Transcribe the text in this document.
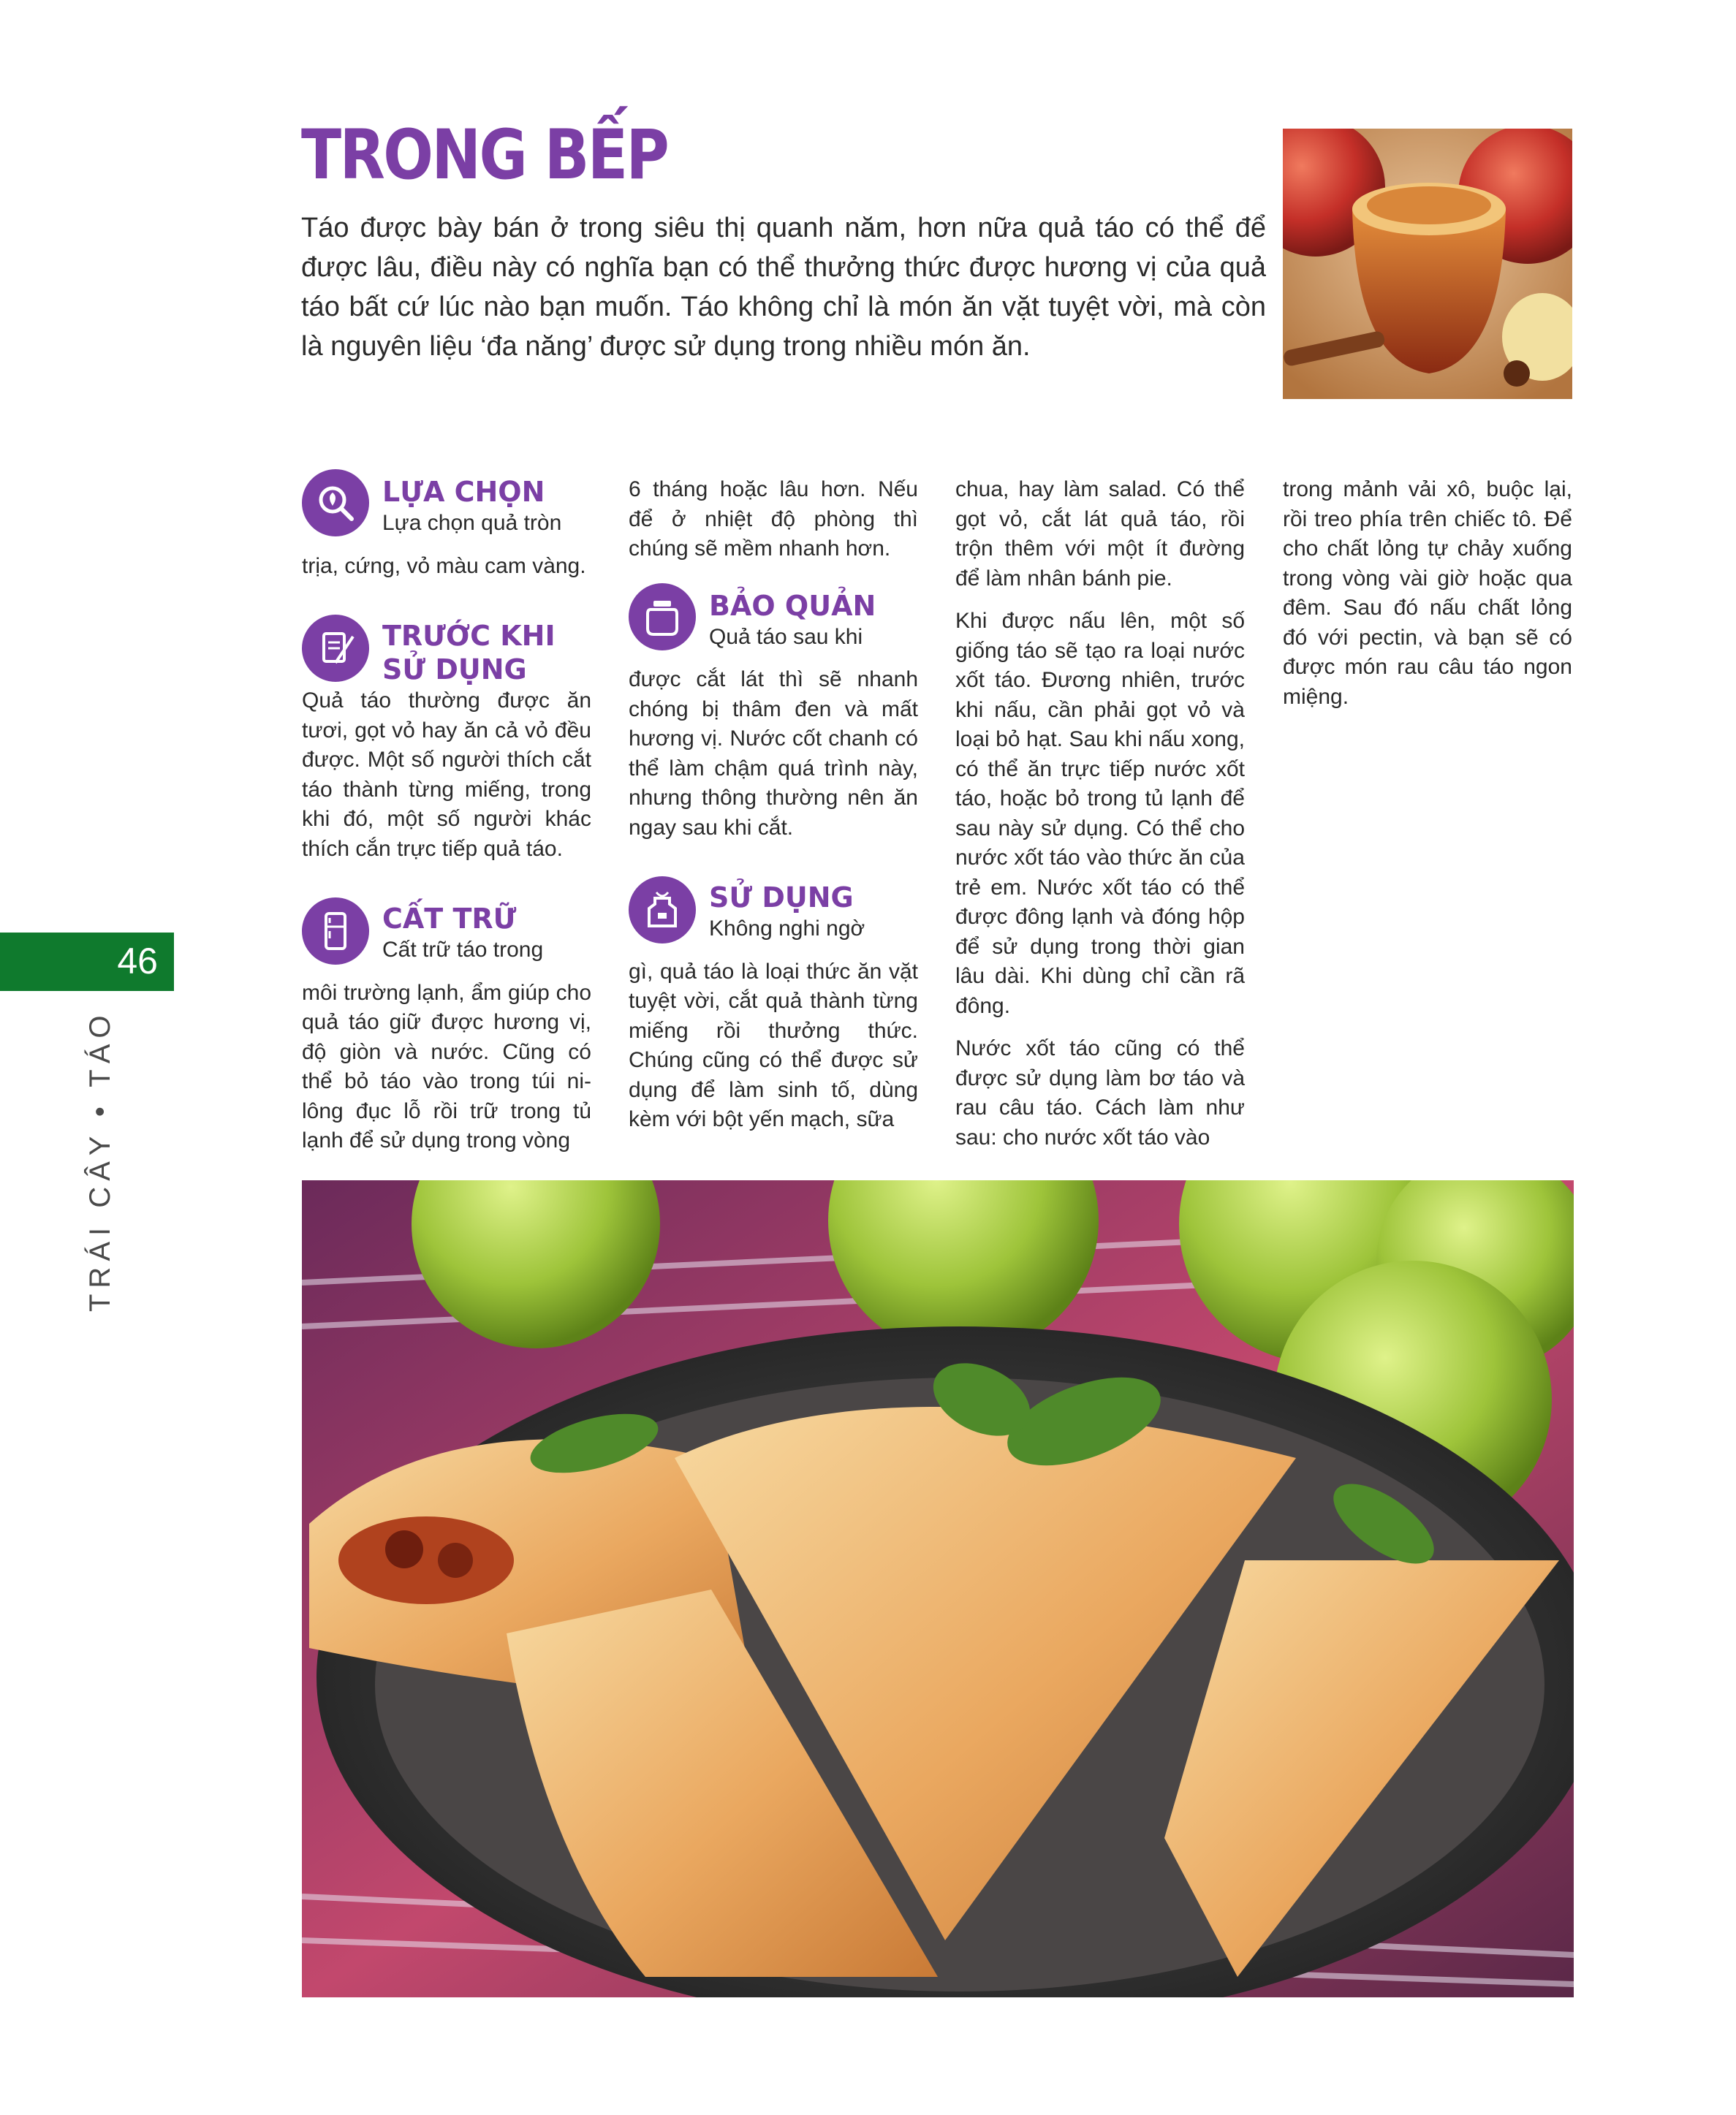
TRONG BẾP

Táo được bày bán ở trong siêu thị quanh năm, hơn nữa quả táo có thể để được lâu, điều này có nghĩa bạn có thể thưởng thức được hương vị của quả táo bất cứ lúc nào bạn muốn. Táo không chỉ là món ăn vặt tuyệt vời, mà còn là nguyên liệu ‘đa năng’ được sử dụng trong nhiều món ăn.

LỰA CHỌN

Lựa chọn quả tròn

trịa, cứng, vỏ màu cam vàng.

TRƯỚC KHI SỬ DỤNG

Quả táo thường được ăn tươi, gọt vỏ hay ăn cả vỏ đều được. Một số người thích cắt táo thành từng miếng, trong khi đó, một số người khác thích cắn trực tiếp quả táo.

CẤT TRỮ

Cất trữ táo trong

môi trường lạnh, ẩm giúp cho quả táo giữ được hương vị, độ giòn và nước. Cũng có thể bỏ táo vào trong túi ni-lông đục lỗ rồi trữ trong tủ lạnh để sử dụng trong vòng

6 tháng hoặc lâu hơn. Nếu để ở nhiệt độ phòng thì chúng sẽ mềm nhanh hơn.

BẢO QUẢN

Quả táo sau khi

được cắt lát thì sẽ nhanh chóng bị thâm đen và mất hương vị. Nước cốt chanh có thể làm chậm quá trình này, nhưng thông thường nên ăn ngay sau khi cắt.

SỬ DỤNG

Không nghi ngờ

gì, quả táo là loại thức ăn vặt tuyệt vời, cắt quả thành từng miếng rồi thưởng thức. Chúng cũng có thể được sử dụng để làm sinh tố, dùng kèm với bột yến mạch, sữa

chua, hay làm salad. Có thể gọt vỏ, cắt lát quả táo, rồi trộn thêm với một ít đường để làm nhân bánh pie.

Khi được nấu lên, một số giống táo sẽ tạo ra loại nước xốt táo. Đương nhiên, trước khi nấu, cần phải gọt vỏ và loại bỏ hạt. Sau khi nấu xong, có thể ăn trực tiếp nước xốt táo, hoặc bỏ trong tủ lạnh để sau này sử dụng. Có thể cho nước xốt táo vào thức ăn của trẻ em. Nước xốt táo có thể được đông lạnh và đóng hộp để sử dụng trong thời gian lâu dài. Khi dùng chỉ cần rã đông.

Nước xốt táo cũng có thể được sử dụng làm bơ táo và rau câu táo. Cách làm như sau: cho nước xốt táo vào

trong mảnh vải xô, buộc lại, rồi treo phía trên chiếc tô. Để cho chất lỏng tự chảy xuống trong vòng vài giờ hoặc qua đêm. Sau đó nấu chất lỏng đó với pectin, và bạn sẽ có được món rau câu táo ngon miệng.

46
TRÁI CÂY • TÁO
